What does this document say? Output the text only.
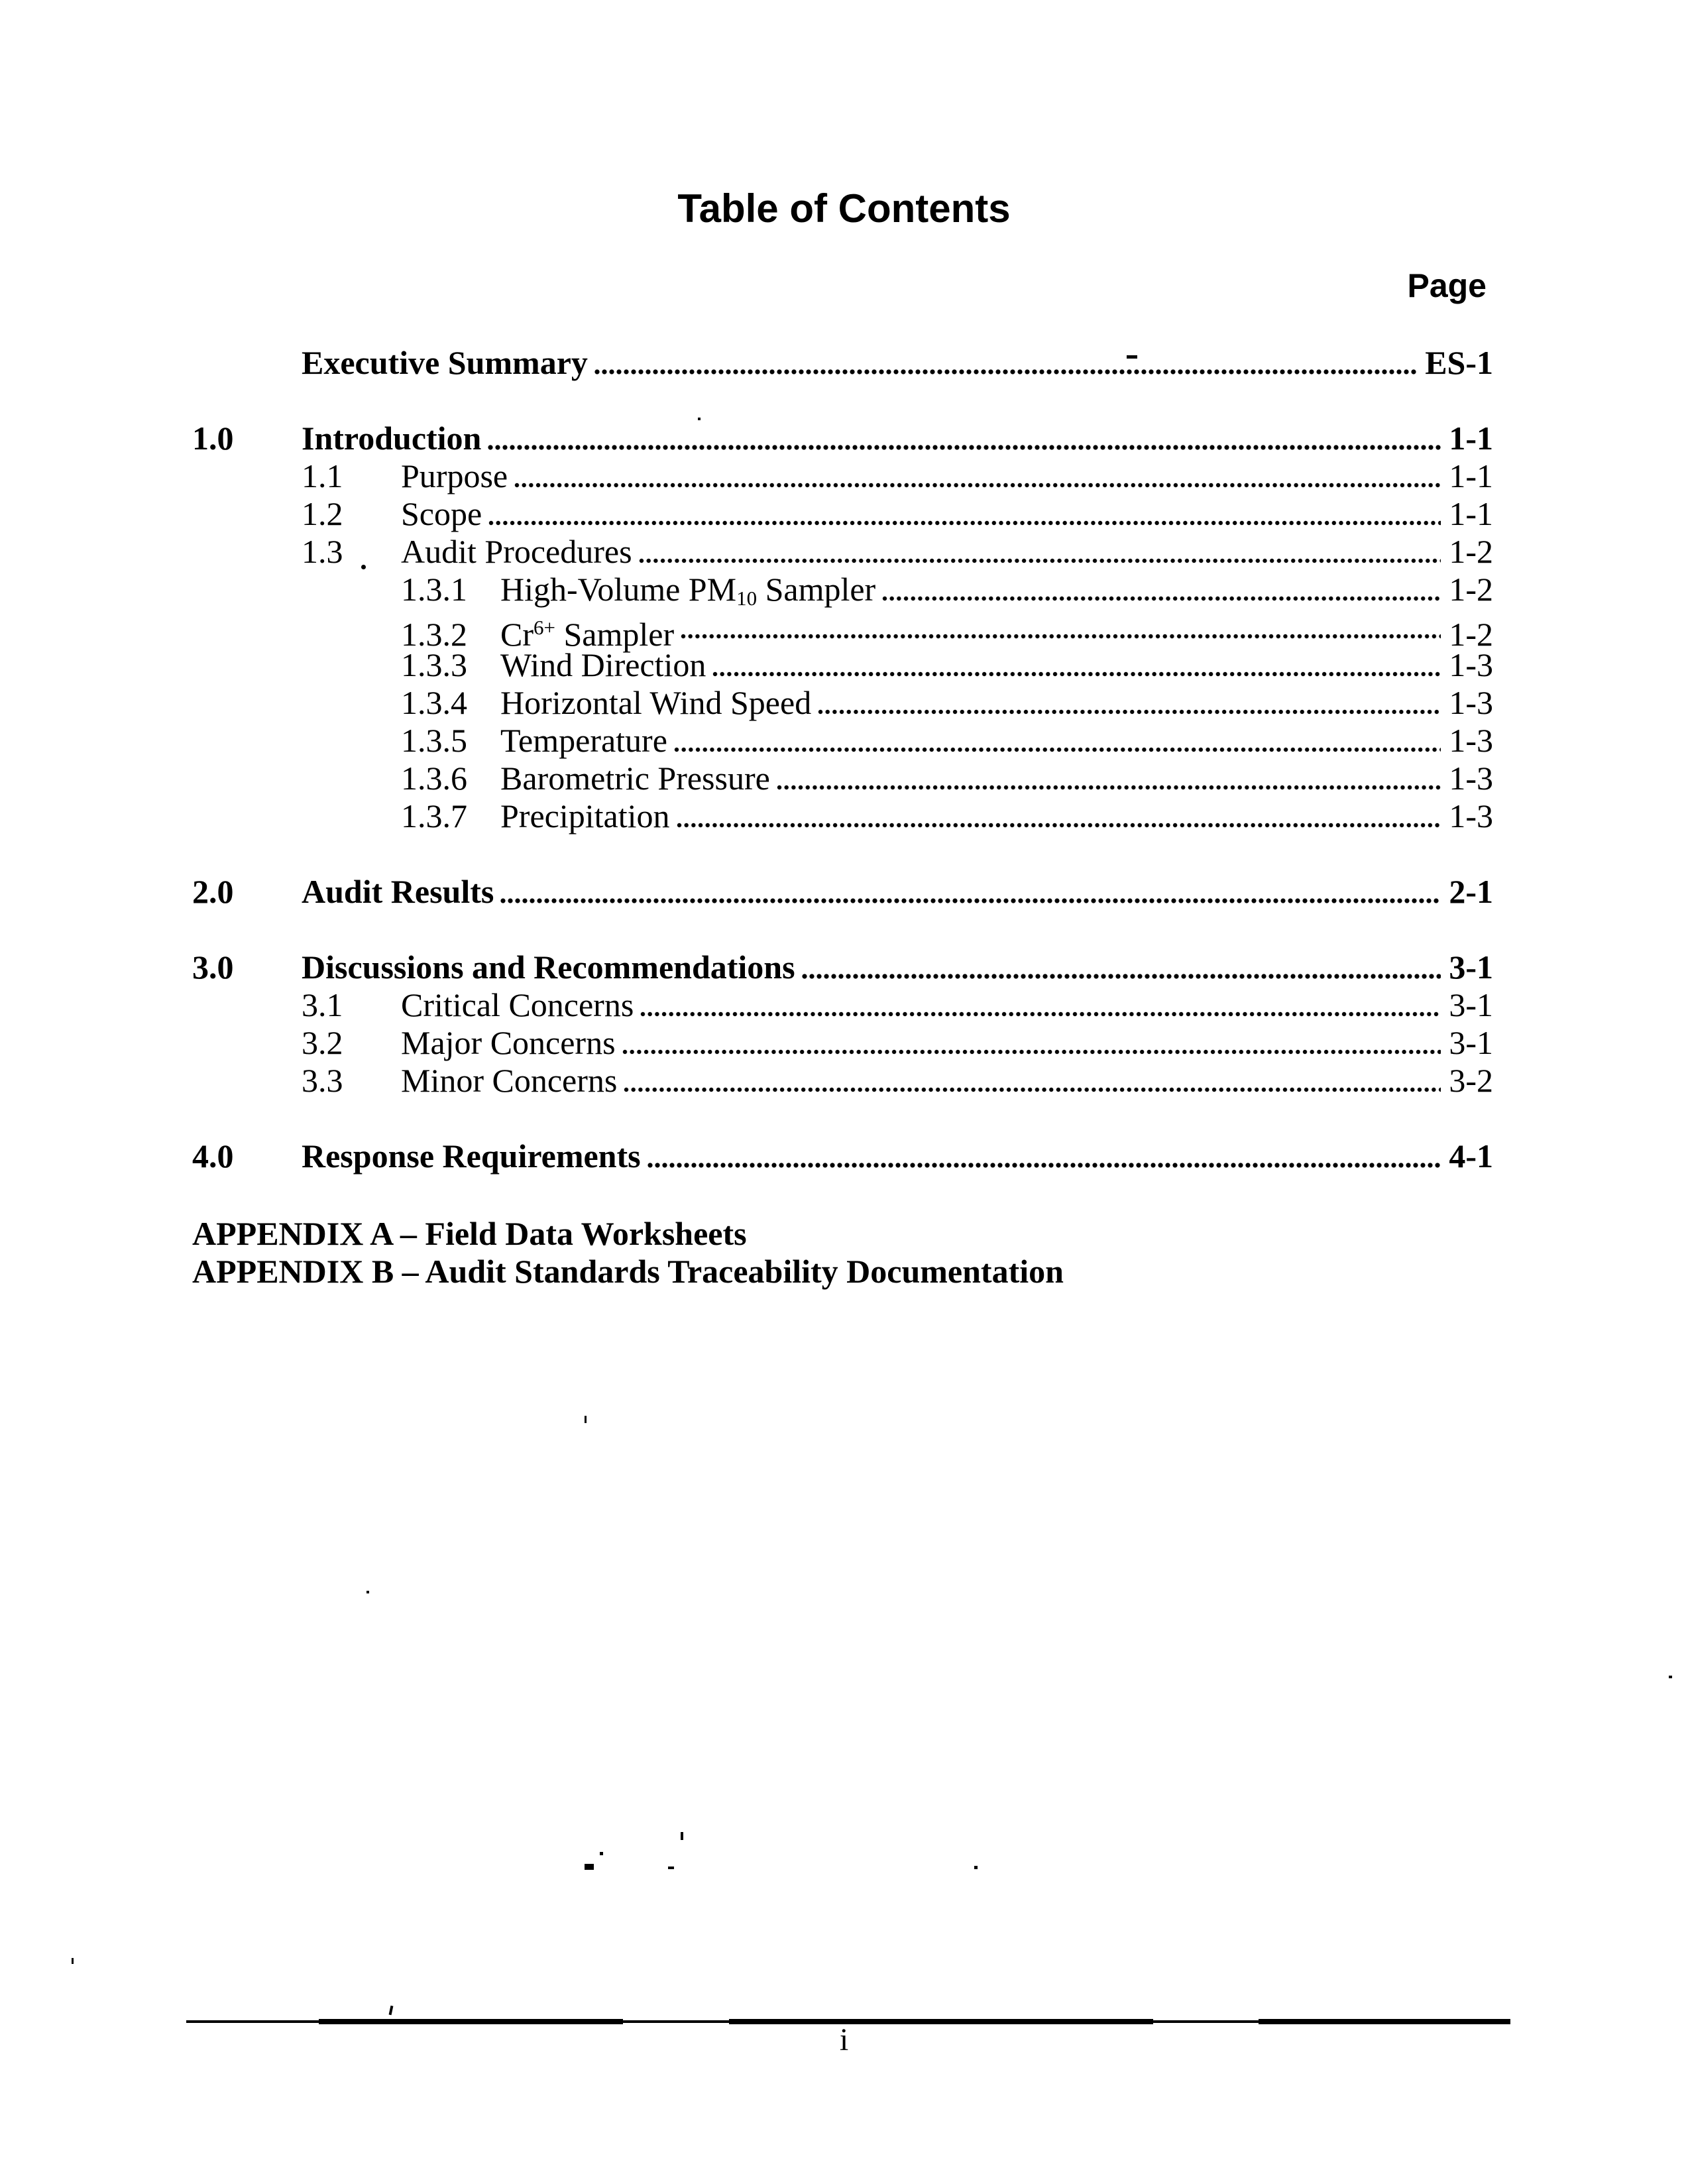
Table of Contents
Page
Executive Summary	ES-1
1.0	Introduction	1-1
1.1	Purpose	1-1
1.2	Scope	1-1
1.3	Audit Procedures	1-2
1.3.1	High-Volume $PM_{10}$ Sampler	1-2
1.3.2	$Cr^{6+}$ Sampler	1-2
1.3.3	Wind Direction	1-3
1.3.4	Horizontal Wind Speed	1-3
1.3.5	Temperature	1-3
1.3.6	Barometric Pressure	1-3
1.3.7	Precipitation	1-3
2.0	Audit Results	2-1
3.0	Discussions and Recommendations	3-1
3.1	Critical Concerns	3-1
3.2	Major Concerns	3-1
3.3	Minor Concerns	3-2
4.0	Response Requirements	4-1
APPENDIX A – Field Data Worksheets
APPENDIX B – Audit Standards Traceability Documentation
i
